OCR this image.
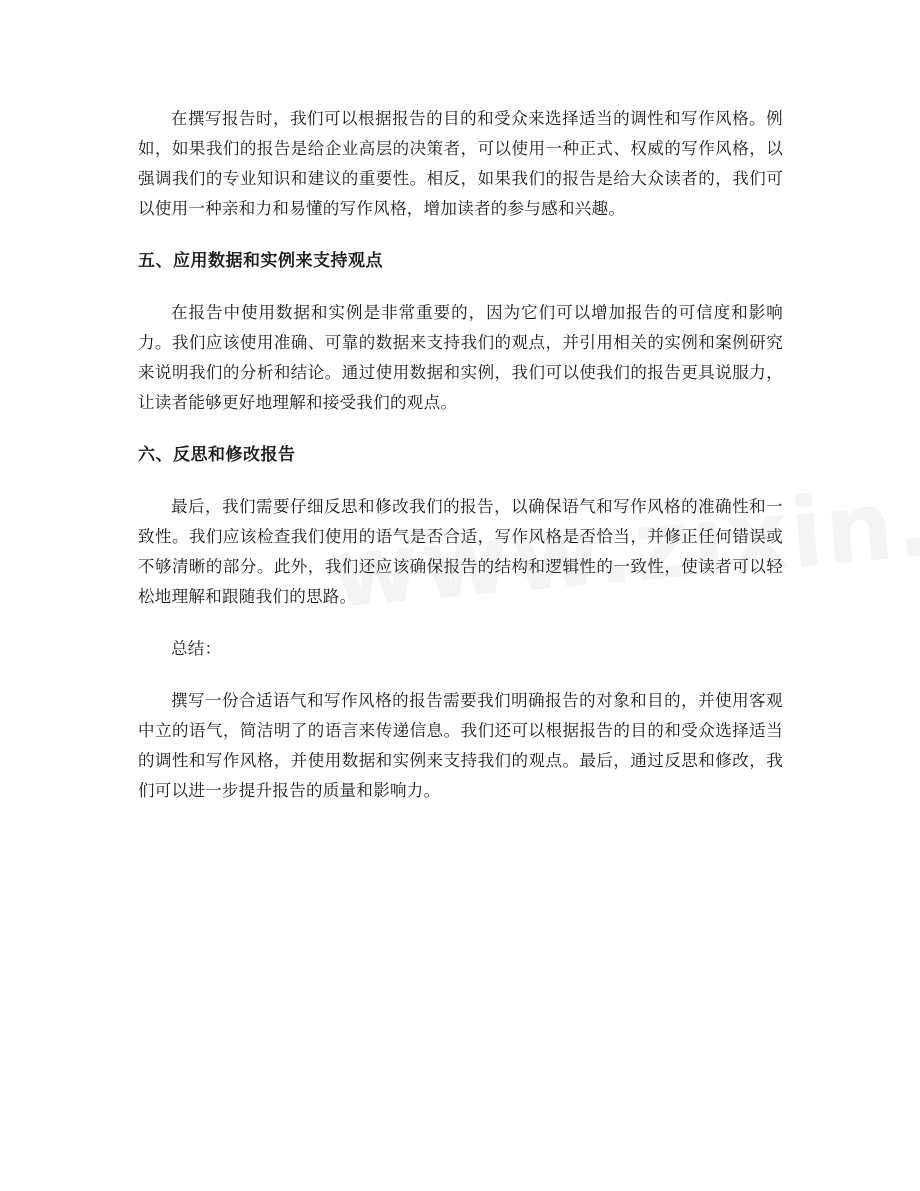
在撰写报告时，我们可以根据报告的目的和受众来选择适当的调性和写作风格。例如，如果我们的报告是给企业高层的决策者，可以使用一种正式、权威的写作风格，以强调我们的专业知识和建议的重要性。相反，如果我们的报告是给大众读者的，我们可以使用一种亲和力和易懂的写作风格，增加读者的参与感和兴趣。

五、应用数据和实例来支持观点

在报告中使用数据和实例是非常重要的，因为它们可以增加报告的可信度和影响力。我们应该使用准确、可靠的数据来支持我们的观点，并引用相关的实例和案例研究来说明我们的分析和结论。通过使用数据和实例，我们可以使我们的报告更具说服力，让读者能够更好地理解和接受我们的观点。

六、反思和修改报告

最后，我们需要仔细反思和修改我们的报告，以确保语气和写作风格的准确性和一致性。我们应该检查我们使用的语气是否合适，写作风格是否恰当，并修正任何错误或不够清晰的部分。此外，我们还应该确保报告的结构和逻辑性的一致性，使读者可以轻松地理解和跟随我们的思路。

总结：

撰写一份合适语气和写作风格的报告需要我们明确报告的对象和目的，并使用客观中立的语气，简洁明了的语言来传递信息。我们还可以根据报告的目的和受众选择适当的调性和写作风格，并使用数据和实例来支持我们的观点。最后，通过反思和修改，我们可以进一步提升报告的质量和影响力。
